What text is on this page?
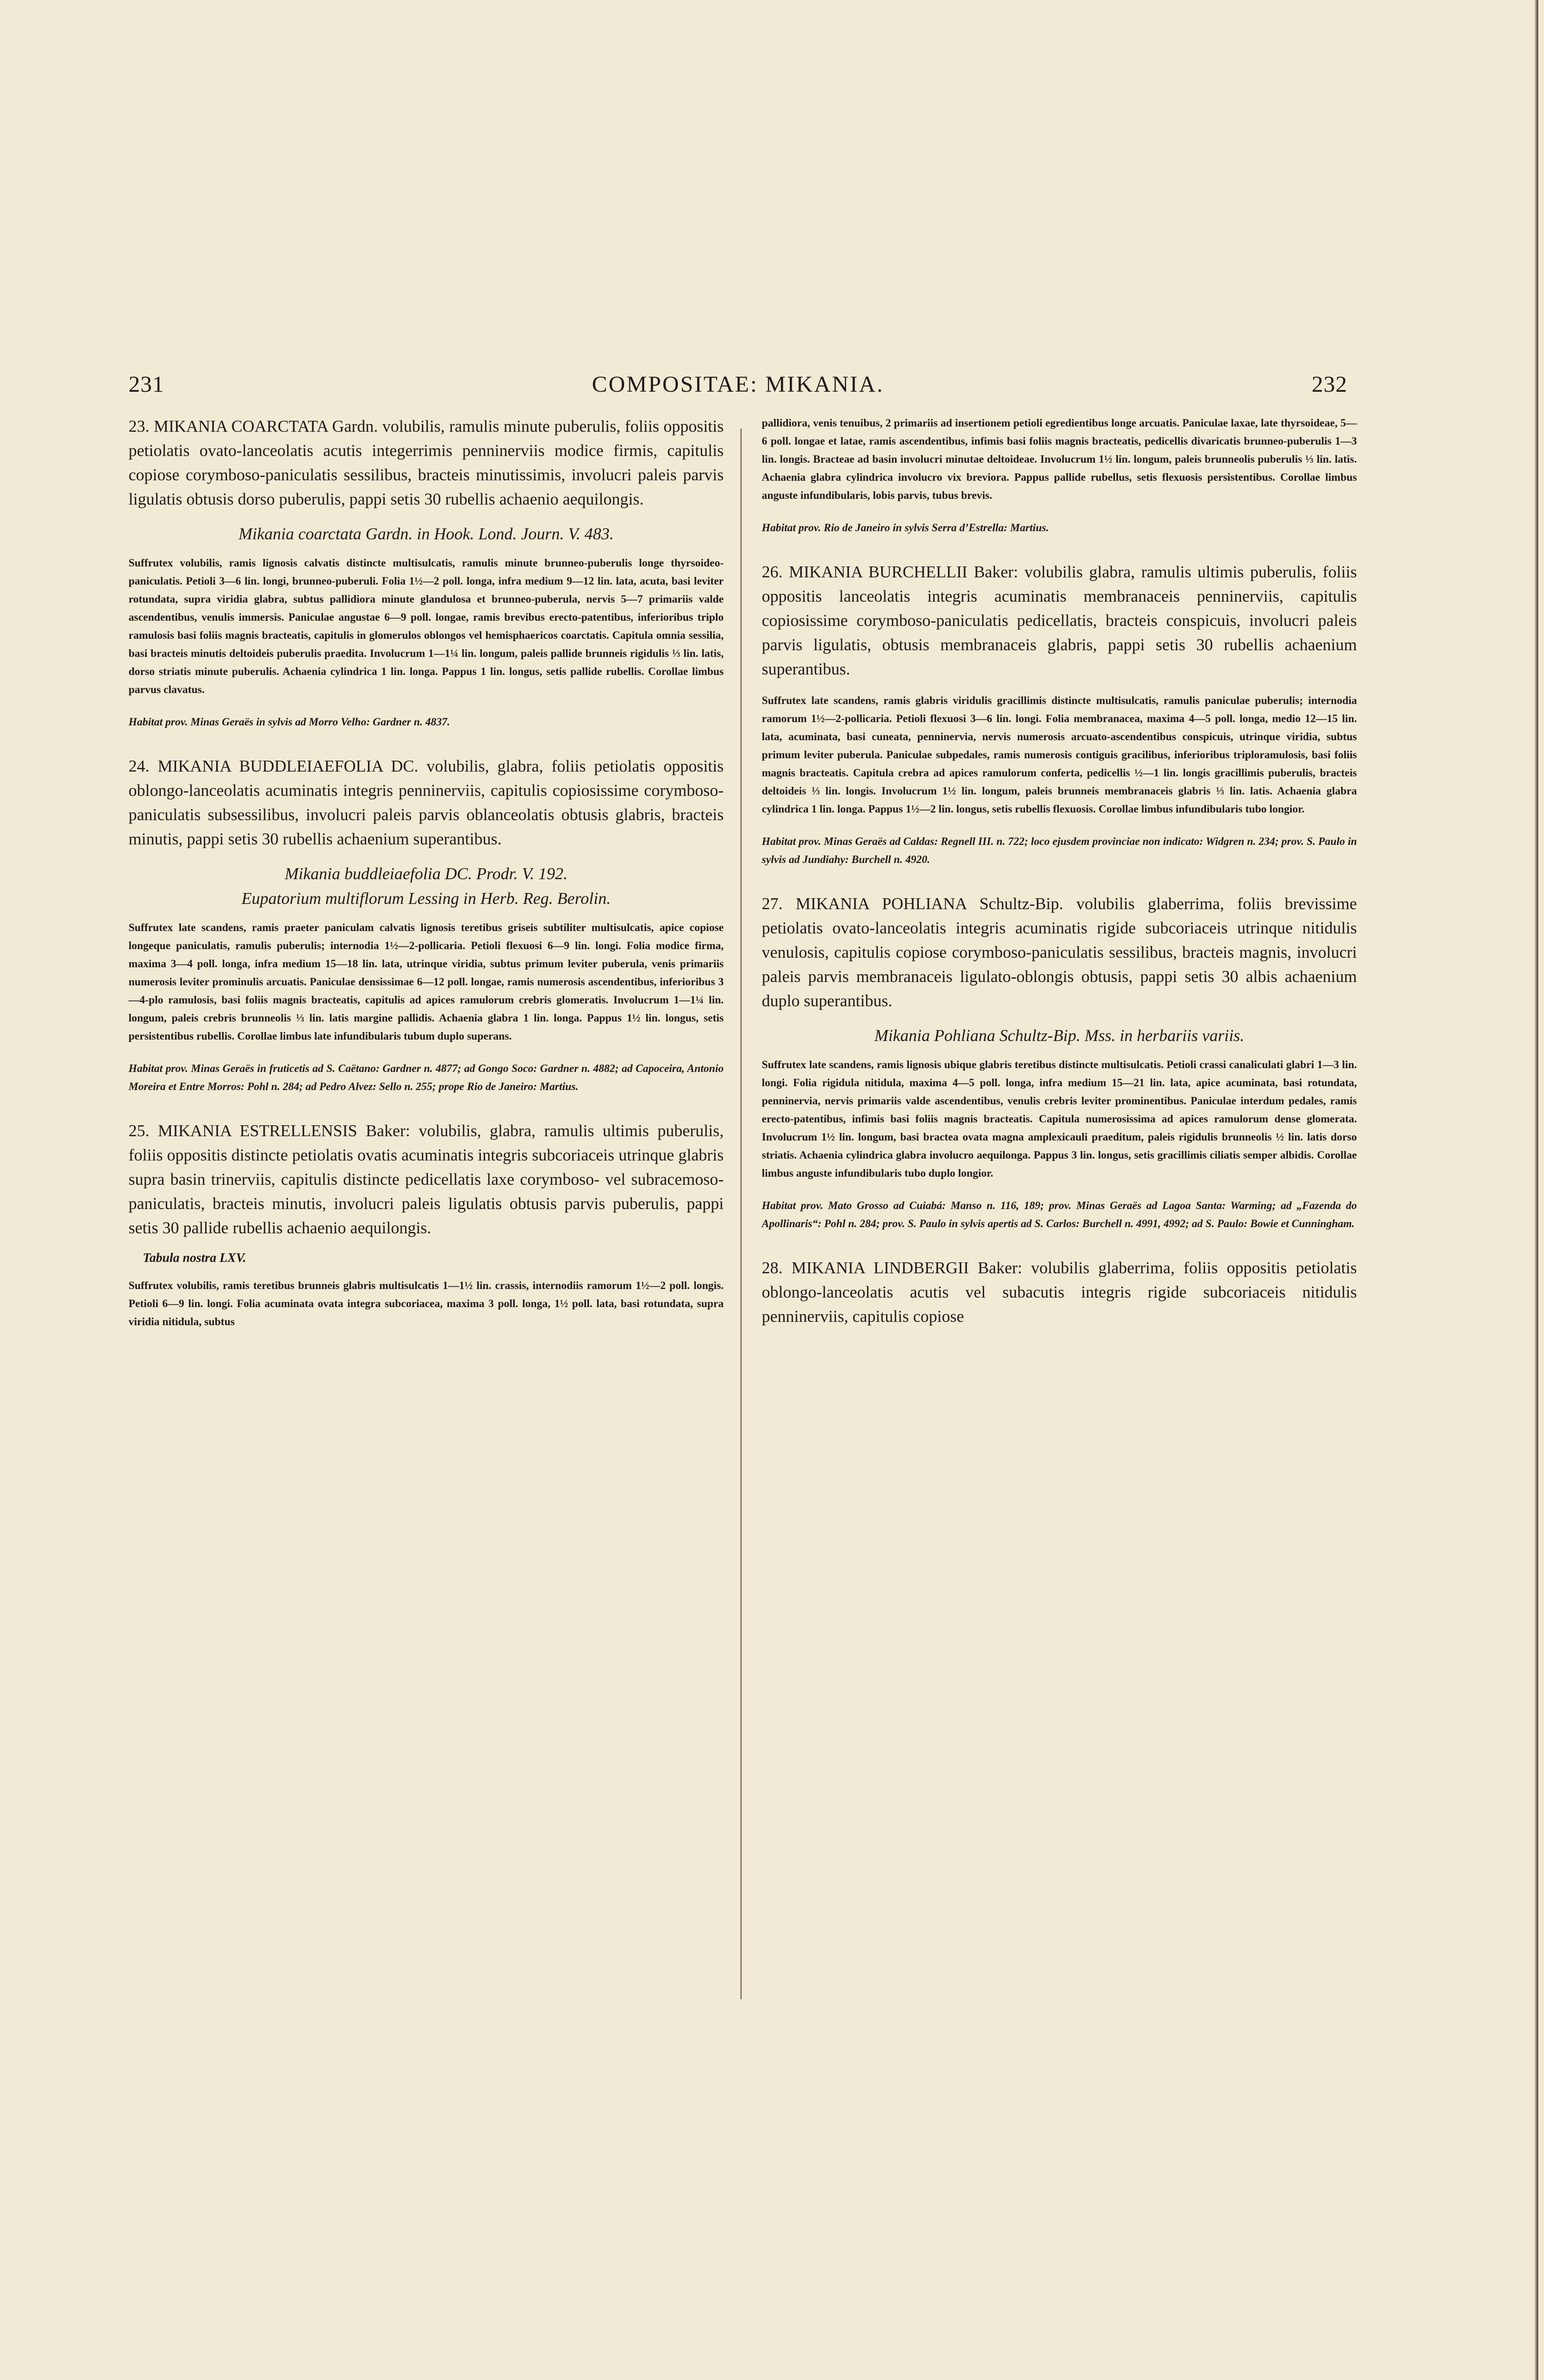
231	COMPOSITAE: MIKANIA.	232

23. MIKANIA COARCTATA Gardn. volubilis, ramulis minute puberulis, foliis oppositis petiolatis ovato-lanceolatis acutis integerrimis penninerviis modice firmis, capitulis copiose corymboso-paniculatis sessilibus, bracteis minutissimis, involucri paleis parvis ligulatis obtusis dorso puberulis, pappi setis 30 rubellis achaenio aequilongis.

Mikania coarctata Gardn. in Hook. Lond. Journ. V. 483.

Suffrutex volubilis, ramis lignosis calvatis distincte multisulcatis, ramulis minute brunneo-puberulis longe thyrsoideo-paniculatis. Petioli 3—6 lin. longi, brunneo-puberuli. Folia 1½—2 poll. longa, infra medium 9—12 lin. lata, acuta, basi leviter rotundata, supra viridia glabra, subtus pallidiora minute glandulosa et brunneo-puberula, nervis 5—7 primariis valde ascendentibus, venulis immersis. Paniculae angustae 6—9 poll. longae, ramis brevibus erecto-patentibus, inferioribus triplo ramulosis basi foliis magnis bracteatis, capitulis in glomerulos oblongos vel hemisphaericos coarctatis. Capitula omnia sessilia, basi bracteis minutis deltoideis puberulis praedita. Involucrum 1—1¼ lin. longum, paleis pallide brunneis rigidulis ⅓ lin. latis, dorso striatis minute puberulis. Achaenia cylindrica 1 lin. longa. Pappus 1 lin. longus, setis pallide rubellis. Corollae limbus parvus clavatus.

Habitat prov. Minas Geraës in sylvis ad Morro Velho: Gardner n. 4837.

24. MIKANIA BUDDLEIAEFOLIA DC. volubilis, glabra, foliis petiolatis oppositis oblongo-lanceolatis acuminatis integris penninerviis, capitulis copiosissime corymboso-paniculatis subsessilibus, involucri paleis parvis oblanceolatis obtusis glabris, bracteis minutis, pappi setis 30 rubellis achaenium superantibus.

Mikania buddleiaefolia DC. Prodr. V. 192.
Eupatorium multiflorum Lessing in Herb. Reg. Berolin.

Suffrutex late scandens, ramis praeter paniculam calvatis lignosis teretibus griseis subtiliter multisulcatis, apice copiose longeque paniculatis, ramulis puberulis; internodia 1½—2-pollicaria. Petioli flexuosi 6—9 lin. longi. Folia modice firma, maxima 3—4 poll. longa, infra medium 15—18 lin. lata, utrinque viridia, subtus primum leviter puberula, venis primariis numerosis leviter prominulis arcuatis. Paniculae densissimae 6—12 poll. longae, ramis numerosis ascendentibus, inferioribus 3—4-plo ramulosis, basi foliis magnis bracteatis, capitulis ad apices ramulorum crebris glomeratis. Involucrum 1—1¼ lin. longum, paleis crebris brunneolis ⅓ lin. latis margine pallidis. Achaenia glabra 1 lin. longa. Pappus 1½ lin. longus, setis persistentibus rubellis. Corollae limbus late infundibularis tubum duplo superans.

Habitat prov. Minas Geraës in fruticetis ad S. Caëtano: Gardner n. 4877; ad Gongo Soco: Gardner n. 4882; ad Capoceira, Antonio Moreira et Entre Morros: Pohl n. 284; ad Pedro Alvez: Sello n. 255; prope Rio de Janeiro: Martius.

25. MIKANIA ESTRELLENSIS Baker: volubilis, glabra, ramulis ultimis puberulis, foliis oppositis distincte petiolatis ovatis acuminatis integris subcoriaceis utrinque glabris supra basin trinerviis, capitulis distincte pedicellatis laxe corymboso- vel subracemoso-paniculatis, bracteis minutis, involucri paleis ligulatis obtusis parvis puberulis, pappi setis 30 pallide rubellis achaenio aequilongis.

Tabula nostra LXV.

Suffrutex volubilis, ramis teretibus brunneis glabris multisulcatis 1—1½ lin. crassis, internodiis ramorum 1½—2 poll. longis. Petioli 6—9 lin. longi. Folia acuminata ovata integra subcoriacea, maxima 3 poll. longa, 1½ poll. lata, basi rotundata, supra viridia nitidula, subtus

pallidiora, venis tenuibus, 2 primariis ad insertionem petioli egredientibus longe arcuatis. Paniculae laxae, late thyrsoideae, 5—6 poll. longae et latae, ramis ascendentibus, infimis basi foliis magnis bracteatis, pedicellis divaricatis brunneo-puberulis 1—3 lin. longis. Bracteae ad basin involucri minutae deltoideae. Involucrum 1½ lin. longum, paleis brunneolis puberulis ⅓ lin. latis. Achaenia glabra cylindrica involucro vix breviora. Pappus pallide rubellus, setis flexuosis persistentibus. Corollae limbus anguste infundibularis, lobis parvis, tubus brevis.

Habitat prov. Rio de Janeiro in sylvis Serra d’Estrella: Martius.

26. MIKANIA BURCHELLII Baker: volubilis glabra, ramulis ultimis puberulis, foliis oppositis lanceolatis integris acuminatis membranaceis penninerviis, capitulis copiosissime corymboso-paniculatis pedicellatis, bracteis conspicuis, involucri paleis parvis ligulatis, obtusis membranaceis glabris, pappi setis 30 rubellis achaenium superantibus.

Suffrutex late scandens, ramis glabris viridulis gracillimis distincte multisulcatis, ramulis paniculae puberulis; internodia ramorum 1½—2-pollicaria. Petioli flexuosi 3—6 lin. longi. Folia membranacea, maxima 4—5 poll. longa, medio 12—15 lin. lata, acuminata, basi cuneata, penninervia, nervis numerosis arcuato-ascendentibus conspicuis, utrinque viridia, subtus primum leviter puberula. Paniculae subpedales, ramis numerosis contiguis gracilibus, inferioribus triploramulosis, basi foliis magnis bracteatis. Capitula crebra ad apices ramulorum conferta, pedicellis ½—1 lin. longis gracillimis puberulis, bracteis deltoideis ⅓ lin. longis. Involucrum 1½ lin. longum, paleis brunneis membranaceis glabris ⅓ lin. latis. Achaenia glabra cylindrica 1 lin. longa. Pappus 1½—2 lin. longus, setis rubellis flexuosis. Corollae limbus infundibularis tubo longior.

Habitat prov. Minas Geraës ad Caldas: Regnell III. n. 722; loco ejusdem provinciae non indicato: Widgren n. 234; prov. S. Paulo in sylvis ad Jundiahy: Burchell n. 4920.

27. MIKANIA POHLIANA Schultz-Bip. volubilis glaberrima, foliis brevissime petiolatis ovato-lanceolatis integris acuminatis rigide subcoriaceis utrinque nitidulis venulosis, capitulis copiose corymboso-paniculatis sessilibus, bracteis magnis, involucri paleis parvis membranaceis ligulato-oblongis obtusis, pappi setis 30 albis achaenium duplo superantibus.

Mikania Pohliana Schultz-Bip. Mss. in herbariis variis.

Suffrutex late scandens, ramis lignosis ubique glabris teretibus distincte multisulcatis. Petioli crassi canaliculati glabri 1—3 lin. longi. Folia rigidula nitidula, maxima 4—5 poll. longa, infra medium 15—21 lin. lata, apice acuminata, basi rotundata, penninervia, nervis primariis valde ascendentibus, venulis crebris leviter prominentibus. Paniculae interdum pedales, ramis erecto-patentibus, infimis basi foliis magnis bracteatis. Capitula numerosissima ad apices ramulorum dense glomerata. Involucrum 1½ lin. longum, basi bractea ovata magna amplexicauli praeditum, paleis rigidulis brunneolis ½ lin. latis dorso striatis. Achaenia cylindrica glabra involucro aequilonga. Pappus 3 lin. longus, setis gracillimis ciliatis semper albidis. Corollae limbus anguste infundibularis tubo duplo longior.

Habitat prov. Mato Grosso ad Cuiabá: Manso n. 116, 189; prov. Minas Geraës ad Lagoa Santa: Warming; ad „Fazenda do Apollinaris“: Pohl n. 284; prov. S. Paulo in sylvis apertis ad S. Carlos: Burchell n. 4991, 4992; ad S. Paulo: Bowie et Cunningham.

28. MIKANIA LINDBERGII Baker: volubilis glaberrima, foliis oppositis petiolatis oblongo-lanceolatis acutis vel subacutis integris rigide subcoriaceis nitidulis penninerviis, capitulis copiose
